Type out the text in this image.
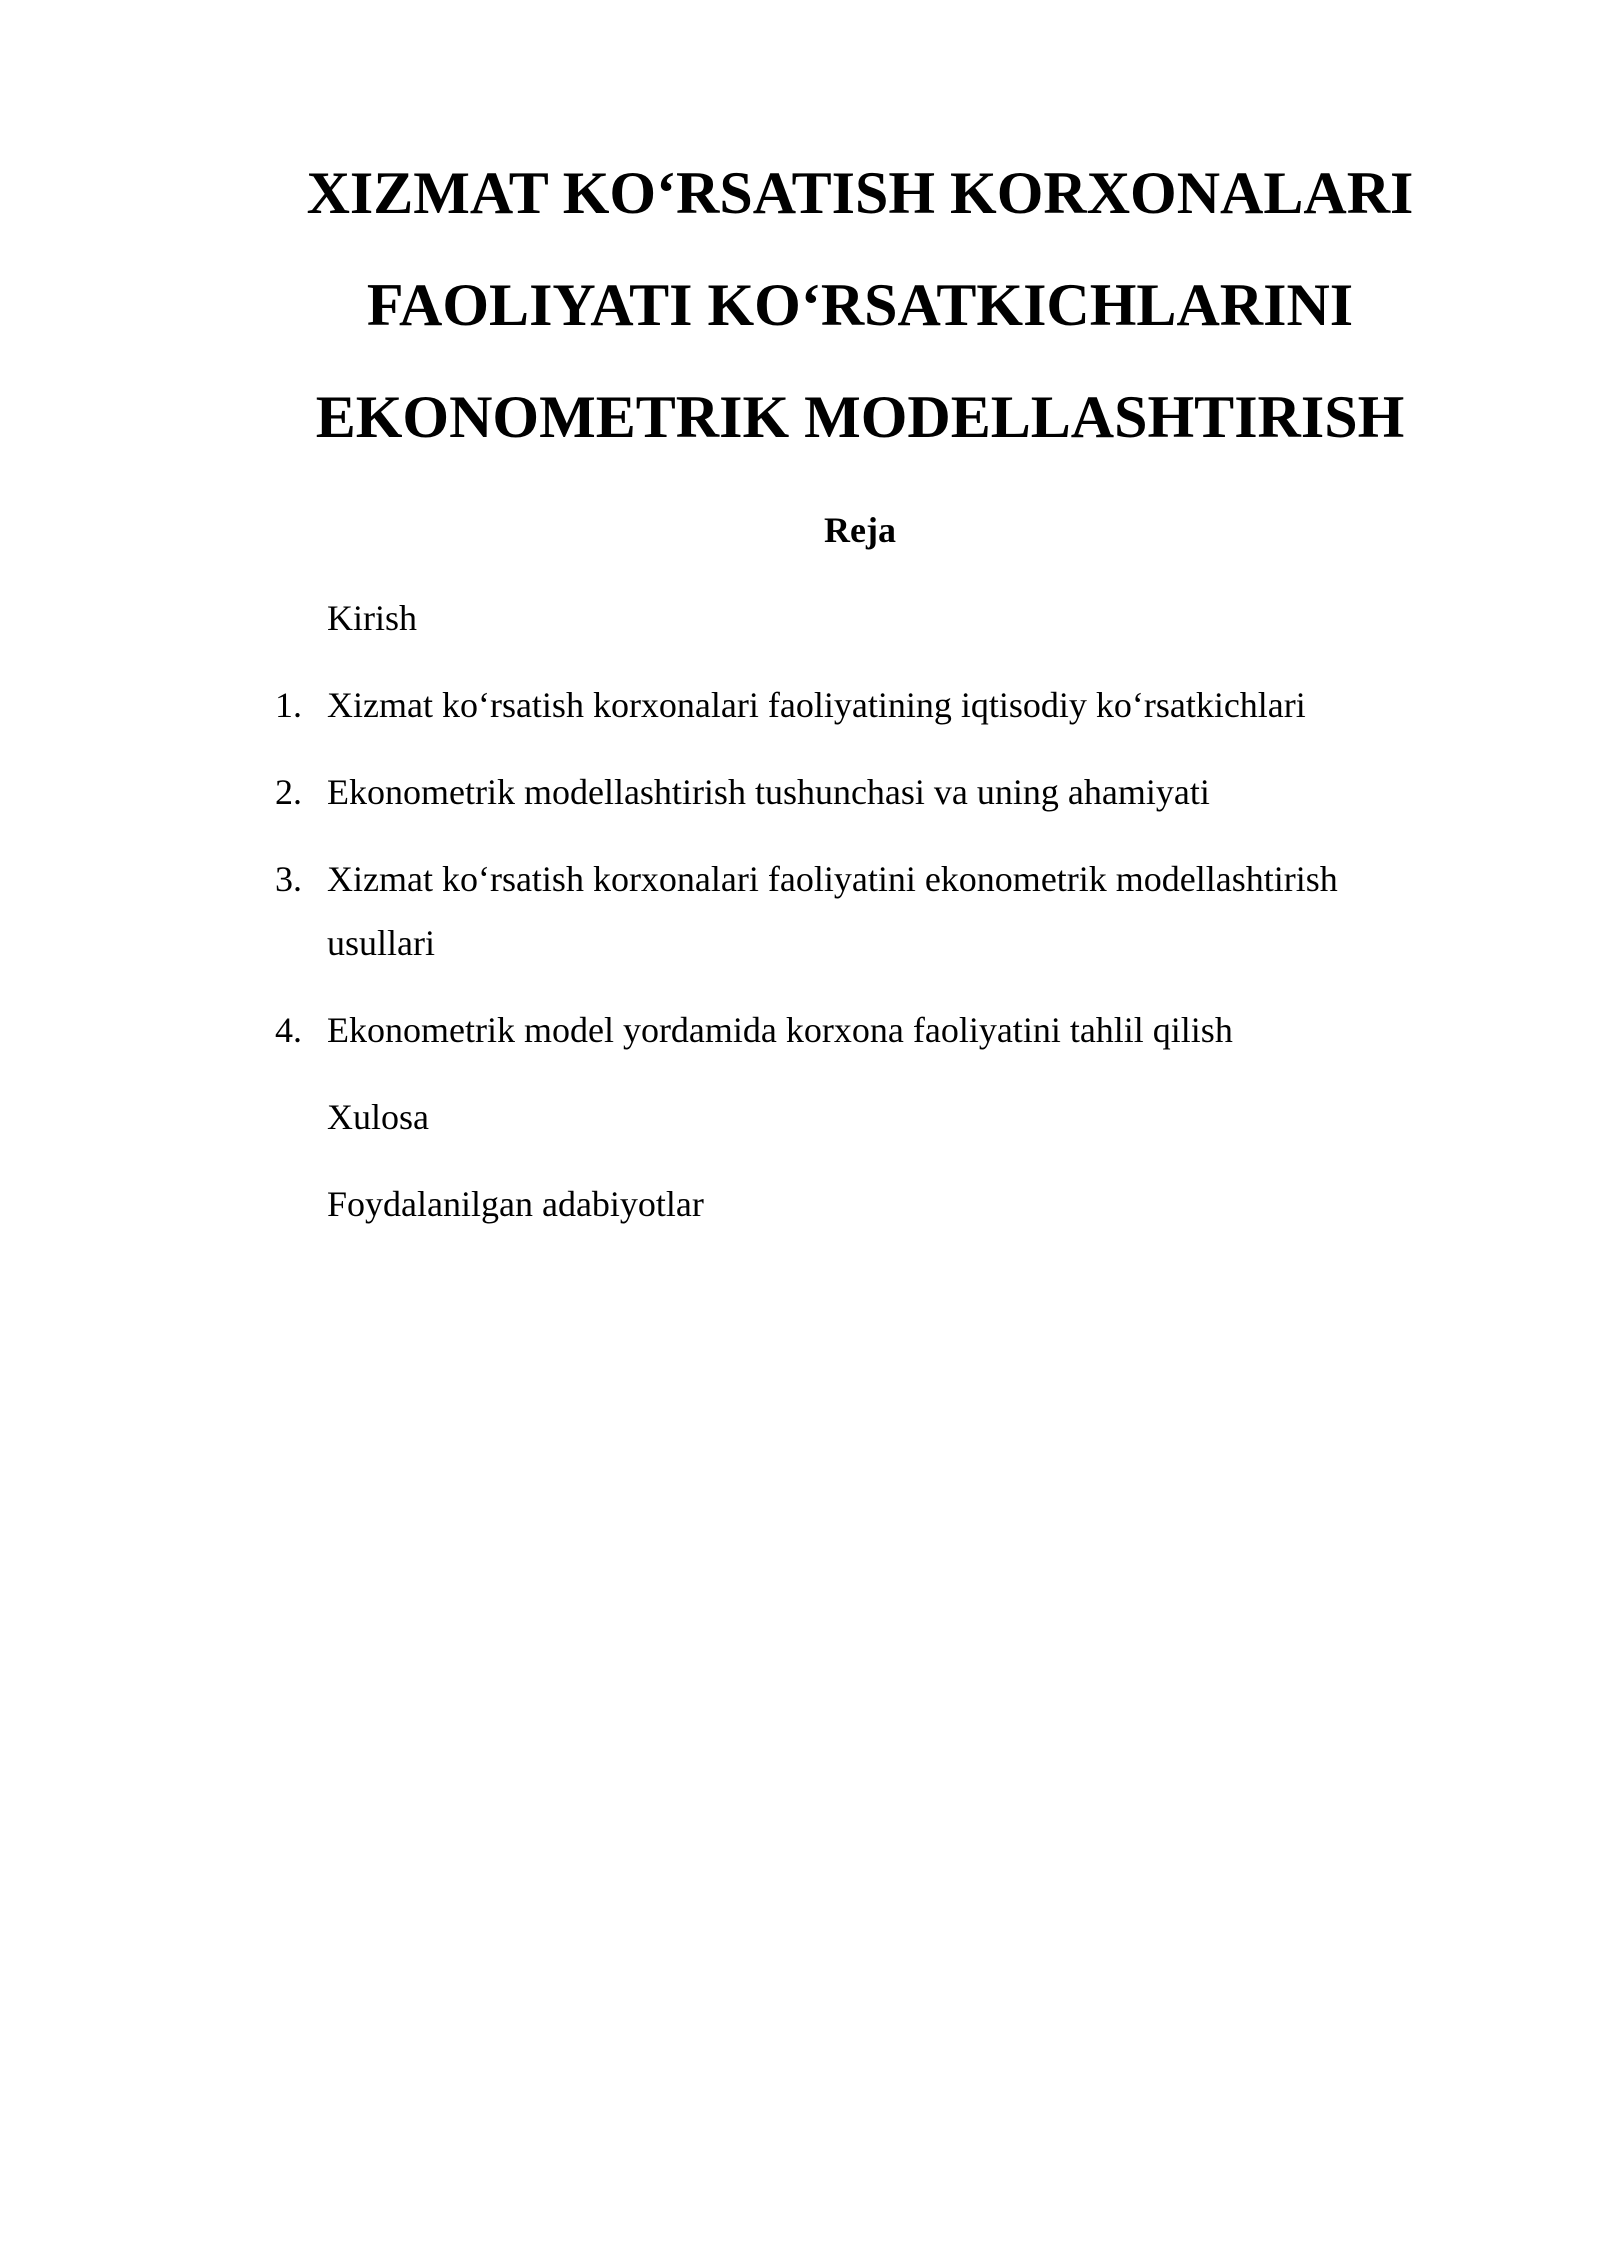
XIZMAT KO‘RSATISH KORXONALARI
FAOLIYATI KO‘RSATKICHLARINI
EKONOMETRIK MODELLASHTIRISH
Reja
Kirish
1. Xizmat ko‘rsatish korxonalari faoliyatining iqtisodiy ko‘rsatkichlari
2. Ekonometrik modellashtirish tushunchasi va uning ahamiyati
3. Xizmat ko‘rsatish korxonalari faoliyatini ekonometrik modellashtirish
usullari
4. Ekonometrik model yordamida korxona faoliyatini tahlil qilish
Xulosa
Foydalanilgan adabiyotlar
